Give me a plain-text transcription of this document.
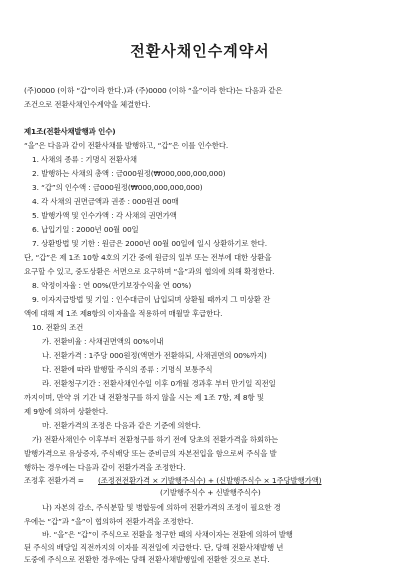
전환사채인수계약서
(주)0000 (이하 “갑”이라 한다.)과 (주)0000 (이하 “을”이라 한다)는 다음과 같은
조건으로 전환사채인수계약을 체결한다.
제1조(전환사채발행과 인수)
“을”은 다음과 같이 전환사채를 발행하고, “갑”은 이를 인수한다.
1. 사채의 종류 : 기명식 전환사채
2. 발행하는 사채의 총액 : 금000원정(₩000,000,000,000)
3. “갑”의 인수액 : 금000원정(₩000,000,000,000)
4. 각 사채의 권면금액과 권종 : 000원권 00매
5. 발행가액 및 인수가액 : 각 사채의 권면가액
6. 납입기일 : 2000년 00월 00일
7. 상환방법 및 기한 : 원금은 2000년 00월 00일에 일시 상환하기로 한다.
단, “갑”은 제 1조 10항 4호의 기간 중에 원금의 일부 또는 전부에 대한 상환을
요구할 수 있고, 중도상환은 서면으로 요구하며 “을”과의 협의에 의해 확정한다.
8. 약정이자율 : 연 00%(만기보장수익율 연 00%)
9. 이자지급방법 및 기일 : 인수대금이 납입되며 상환될 때까지 그 미상환 잔
액에 대해 제 1조 제8항의 이자율을 적용하여 매월말 후급한다.
10. 전환의 조건
가. 전환비율 : 사채권면액의 00%이내
나. 전환가격 : 1주당 000원정(액면가 전환하되, 사채권면의 00%까지)
다. 전환에 따라 발행할 주식의 종류 : 기명식 보통주식
라. 전환청구기간 : 전환사채인수일 이후 0개월 경과후 부터 만기일 직전일
까지이며, 만약 위 기간 내 전환청구를 하지 않을 시는 제 1조 7항, 제 8항 및
제 9항에 의하여 상환한다.
마. 전환가격의 조정은 다음과 같은 기준에 의한다.
가) 전환사채인수 이후부터 전환청구를 하기 전에 당초의 전환가격을 하회하는
발행가격으로 유상증자, 주식배당 또는 준비금의 자본전입을 함으로써 주식을 발
행하는 경우에는 다음과 같이 전환가격을 조정한다.
조정후 전환가격 = (조정전전환가격 × 기발행주식수) + (신발행주식수 × 1주당발행가액)
(기발행주식수 + 신발행주식수)
나) 자본의 감소, 주식분할 및 병합등에 의하여 전환가격의 조정이 필요한 경
우에는 “갑”과 “을”이 협의하여 전환가격을 조정한다.
바. “을”은 “갑”이 주식으로 전환을 청구한 때의 사채이자는 전환에 의하여 발행
된 주식의 배당일 직전까지의 이자를 직전일에 지급한다. 단, 당해 전환사채발행 년
도중에 주식으로 전환한 경우에는 당해 전환사채발행일에 전환한 것으로 본다.
